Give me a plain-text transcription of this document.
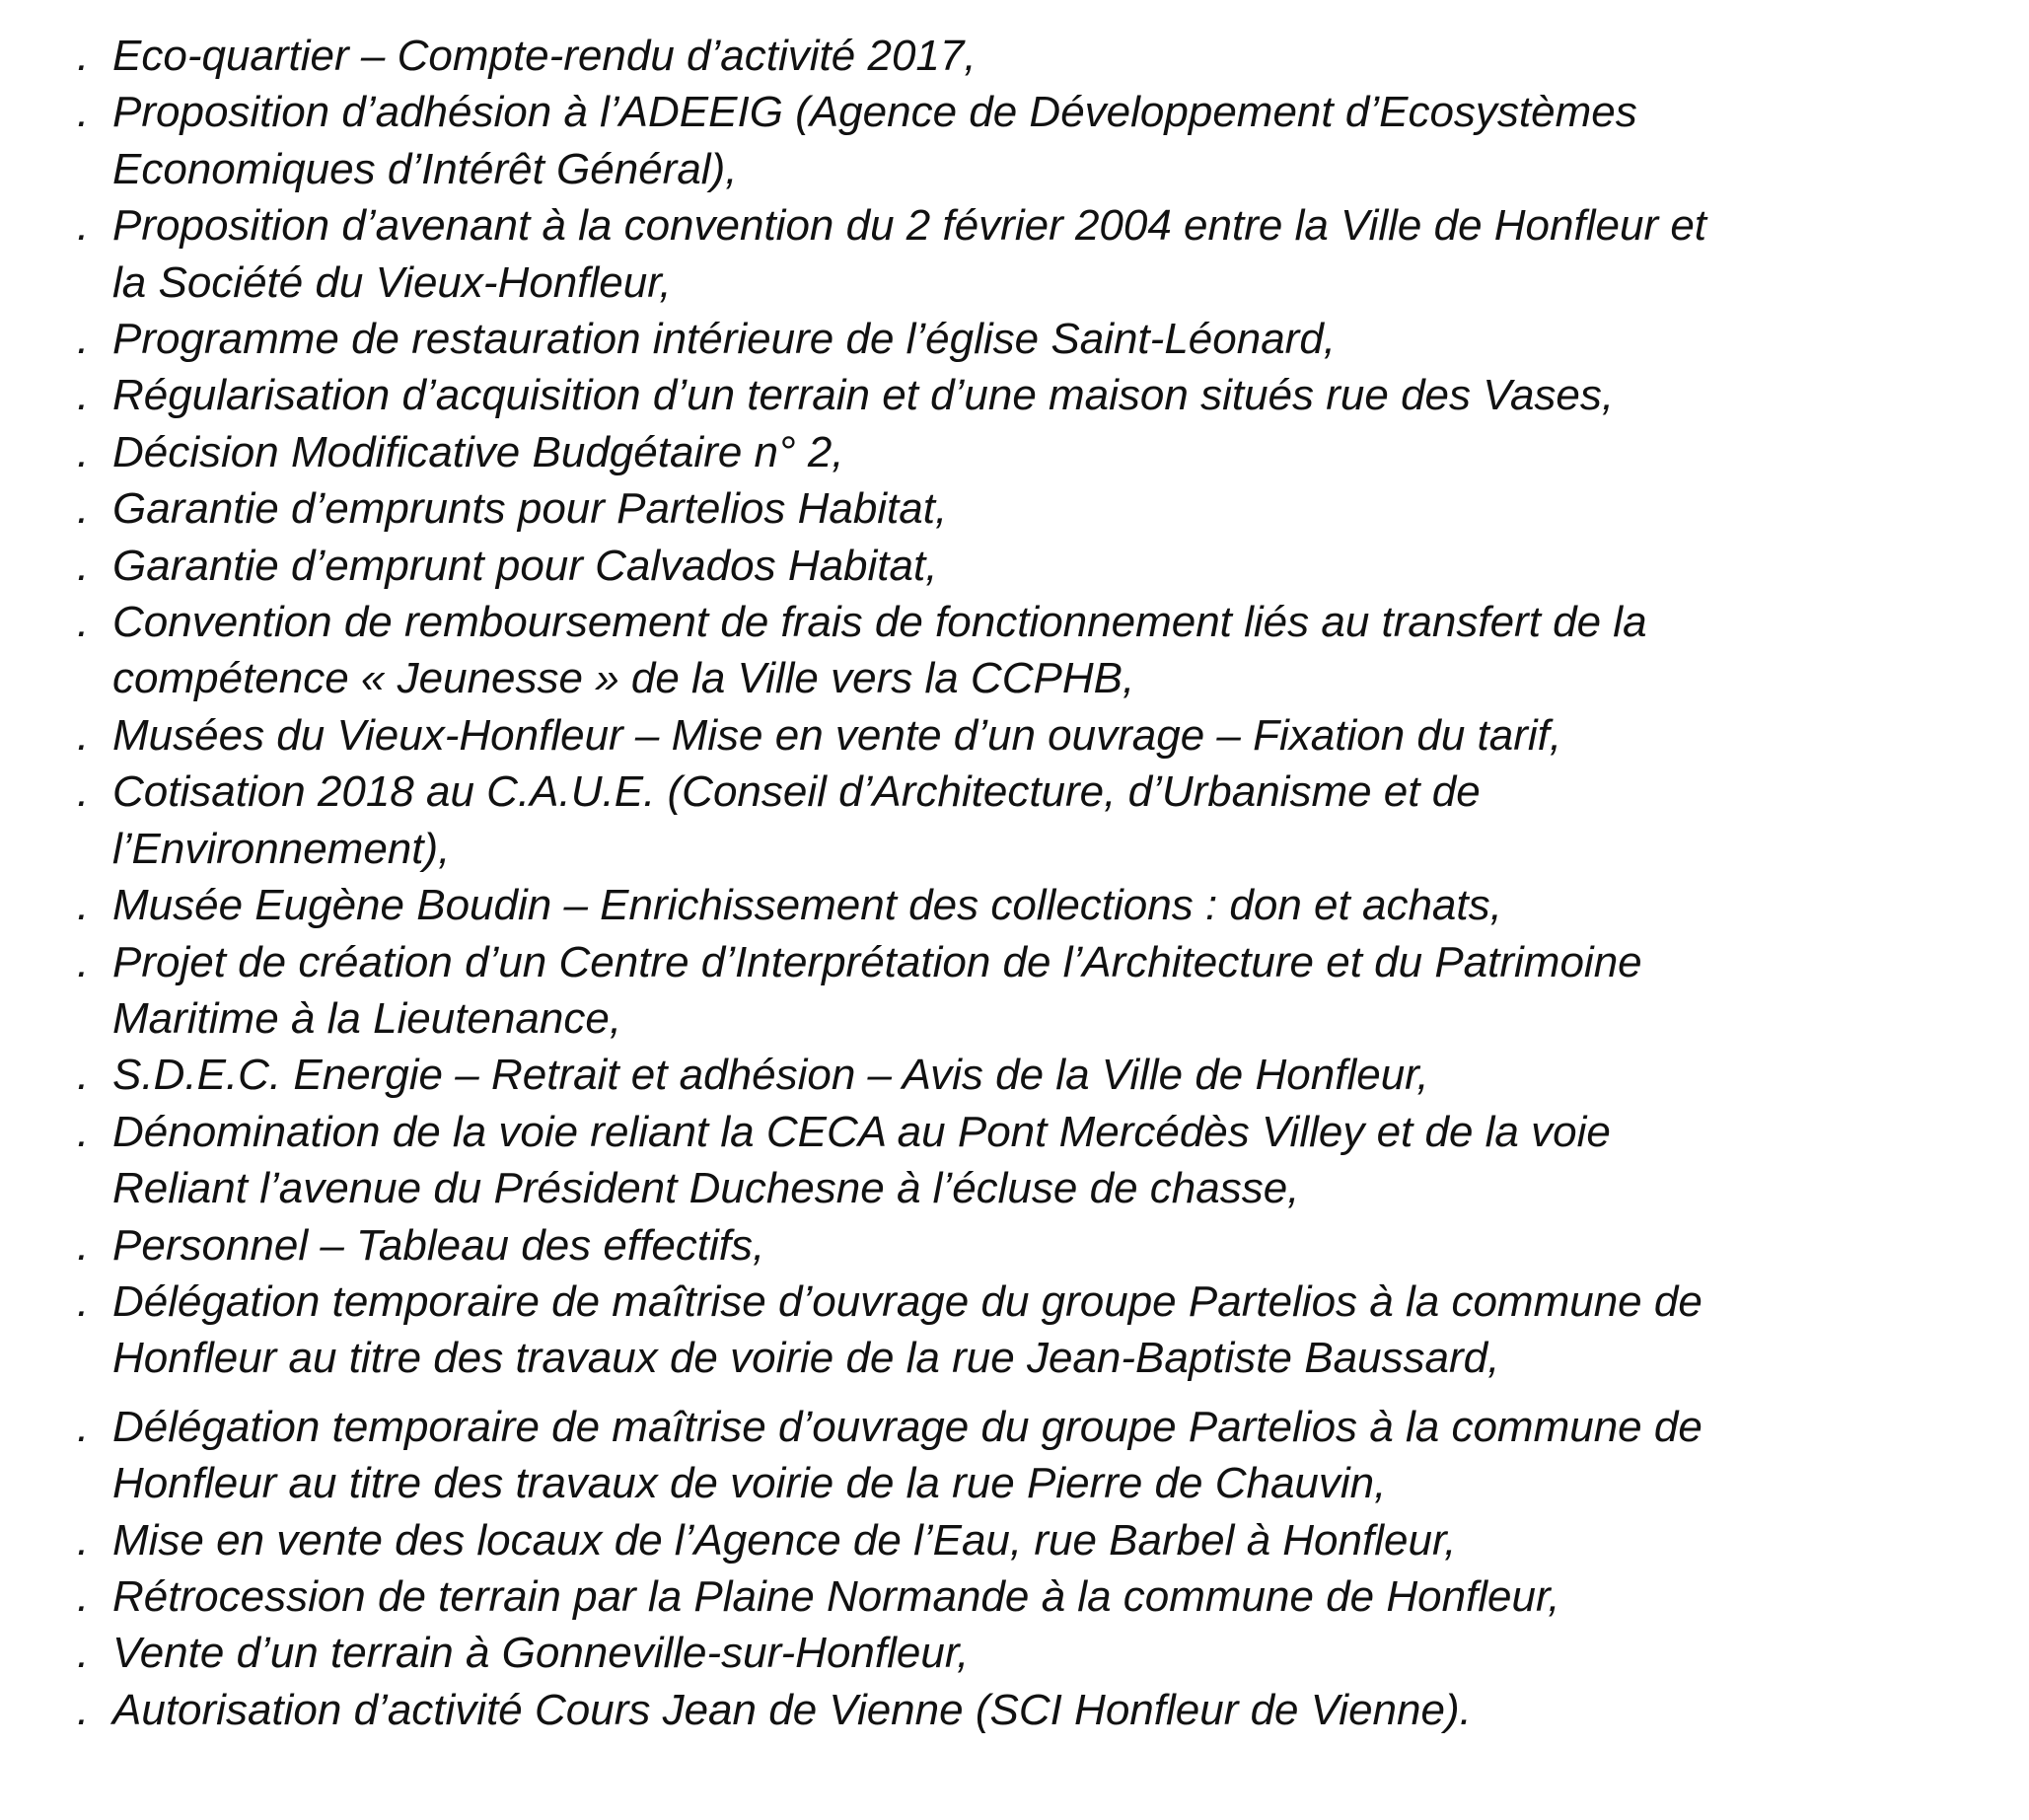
. Eco-quartier – Compte-rendu d’activité 2017,
. Proposition d’adhésion à l’ADEEIG (Agence de Développement d’Ecosystèmes
Economiques d’Intérêt Général),
. Proposition d’avenant à la convention du 2 février 2004 entre la Ville de Honfleur et
la Société du Vieux-Honfleur,
. Programme de restauration intérieure de l’église Saint-Léonard,
. Régularisation d’acquisition d’un terrain et d’une maison situés rue des Vases,
. Décision Modificative Budgétaire n° 2,
. Garantie d’emprunts pour Partelios Habitat,
. Garantie d’emprunt pour Calvados Habitat,
. Convention de remboursement de frais de fonctionnement liés au transfert de la
compétence « Jeunesse » de la Ville vers la CCPHB,
. Musées du Vieux-Honfleur – Mise en vente d’un ouvrage – Fixation du tarif,
. Cotisation 2018 au C.A.U.E. (Conseil d’Architecture, d’Urbanisme et de
l’Environnement),
. Musée Eugène Boudin – Enrichissement des collections : don et achats,
. Projet de création d’un Centre d’Interprétation de l’Architecture et du Patrimoine
Maritime à la Lieutenance,
. S.D.E.C. Energie – Retrait et adhésion – Avis de la Ville de Honfleur,
. Dénomination de la voie reliant la CECA au Pont Mercédès Villey et de la voie
Reliant l’avenue du Président Duchesne à l’écluse de chasse,
. Personnel – Tableau des effectifs,
. Délégation temporaire de maîtrise d’ouvrage du groupe Partelios à la commune de
Honfleur au titre des travaux de voirie de la rue Jean-Baptiste Baussard,
. Délégation temporaire de maîtrise d’ouvrage du groupe Partelios à la commune de
Honfleur au titre des travaux de voirie de la rue Pierre de Chauvin,
. Mise en vente des locaux de l’Agence de l’Eau, rue Barbel à Honfleur,
. Rétrocession de terrain par la Plaine Normande à la commune de Honfleur,
. Vente d’un terrain à Gonneville-sur-Honfleur,
. Autorisation d’activité Cours Jean de Vienne (SCI Honfleur de Vienne).
